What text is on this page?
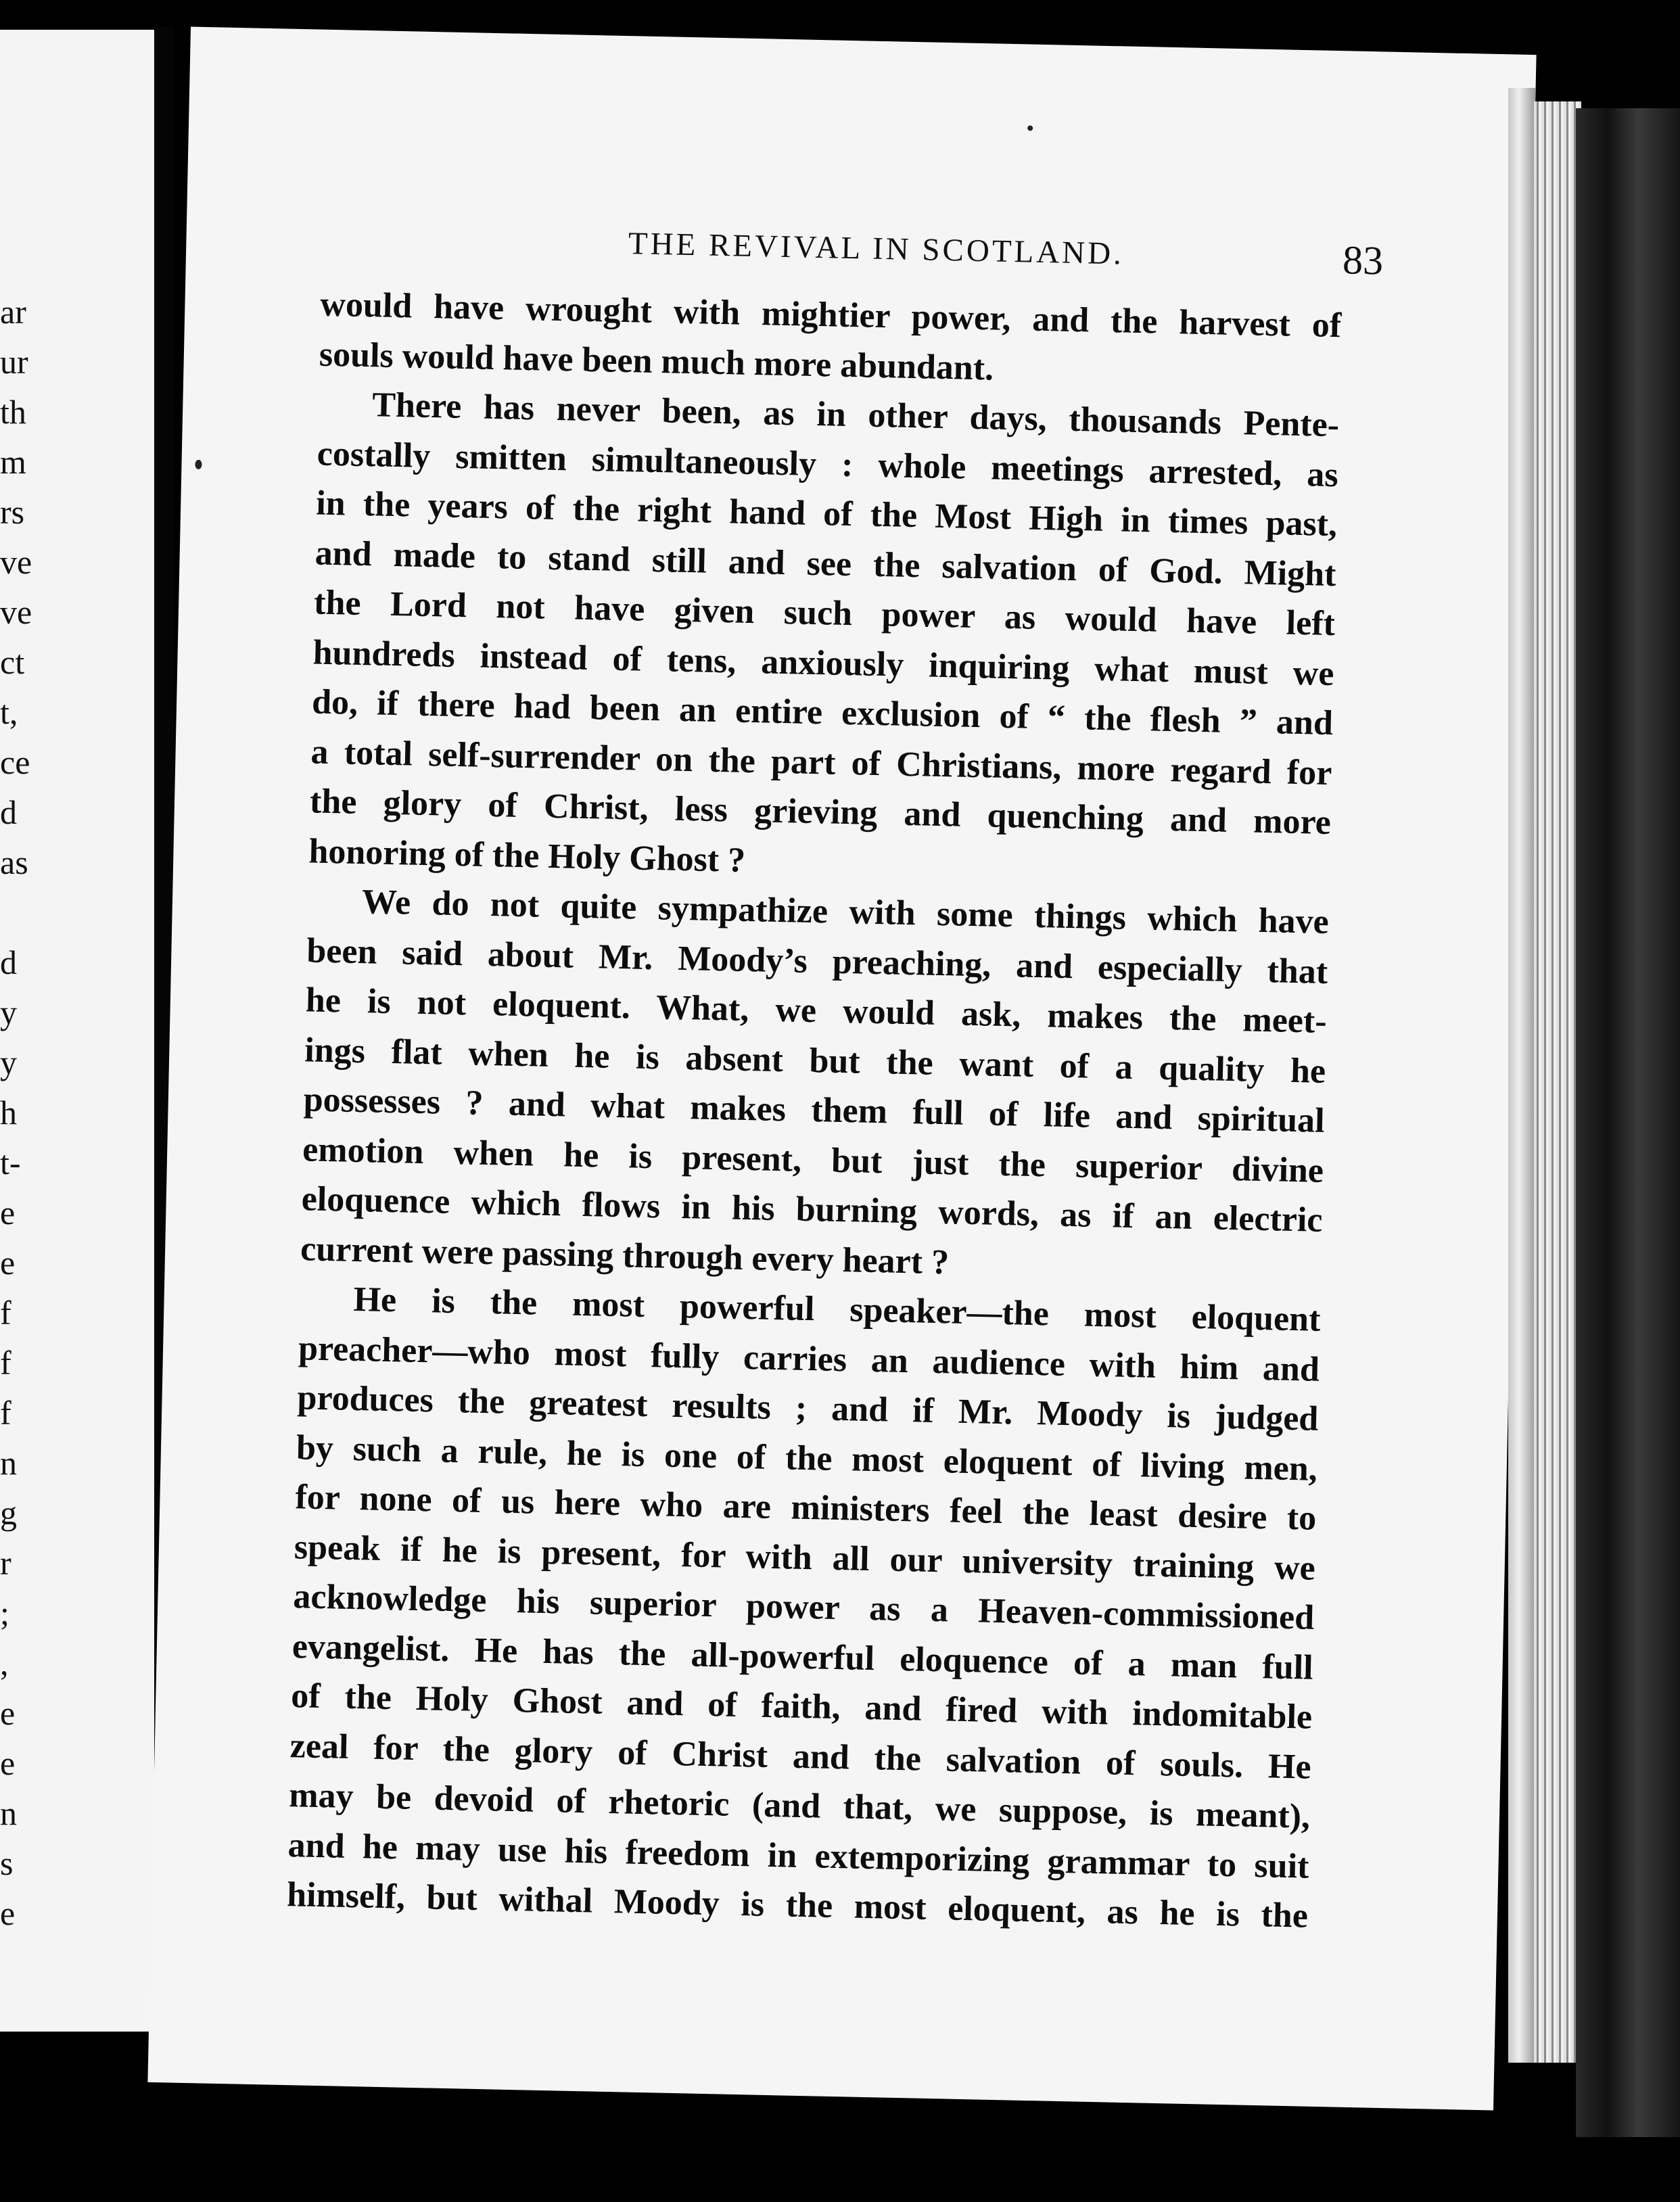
ar
ur
th
m
rs
ve
ve
ct
t,
ce
d
as
d
y
y
h
t-
e
e
f
f
f
n
g
r
;
,
e
e
n
s
e
THE REVIVAL IN SCOTLAND.	83
would have wrought with mightier power, and the harvest of
souls would have been much more abundant.
There has never been, as in other days, thousands Pente-
costally smitten simultaneously : whole meetings arrested, as
in the years of the right hand of the Most High in times past,
and made to stand still and see the salvation of God. Might
the Lord not have given such power as would have left
hundreds instead of tens, anxiously inquiring what must we
do, if there had been an entire exclusion of “ the flesh ” and
a total self-surrender on the part of Christians, more regard for
the glory of Christ, less grieving and quenching and more
honoring of the Holy Ghost ?
We do not quite sympathize with some things which have
been said about Mr. Moody’s preaching, and especially that
he is not eloquent. What, we would ask, makes the meet-
ings flat when he is absent but the want of a quality he
possesses ? and what makes them full of life and spiritual
emotion when he is present, but just the superior divine
eloquence which flows in his burning words, as if an electric
current were passing through every heart ?
He is the most powerful speaker—the most eloquent
preacher—who most fully carries an audience with him and
produces the greatest results ; and if Mr. Moody is judged
by such a rule, he is one of the most eloquent of living men,
for none of us here who are ministers feel the least desire to
speak if he is present, for with all our university training we
acknowledge his superior power as a Heaven-commissioned
evangelist. He has the all-powerful eloquence of a man full
of the Holy Ghost and of faith, and fired with indomitable
zeal for the glory of Christ and the salvation of souls. He
may be devoid of rhetoric (and that, we suppose, is meant),
and he may use his freedom in extemporizing grammar to suit
himself, but withal Moody is the most eloquent, as he is the
